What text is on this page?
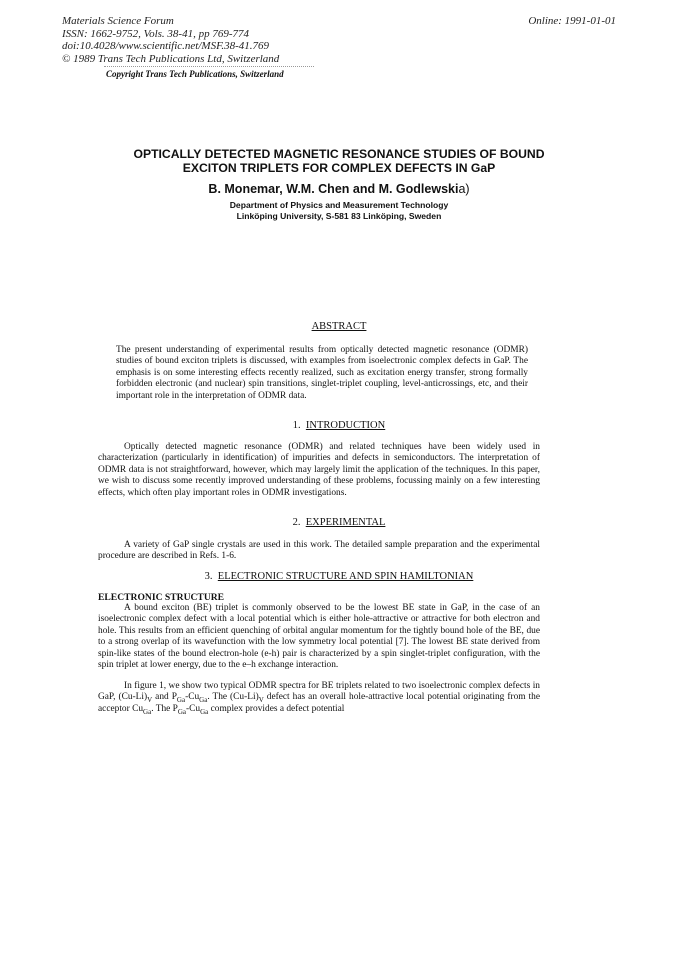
Materials Science Forum
ISSN: 1662-9752, Vols. 38-41, pp 769-774
doi:10.4028/www.scientific.net/MSF.38-41.769
© 1989 Trans Tech Publications Ltd, Switzerland
Online: 1991-01-01
Copyright Trans Tech Publications, Switzerland
OPTICALLY DETECTED MAGNETIC RESONANCE STUDIES OF BOUND
EXCITON TRIPLETS FOR COMPLEX DEFECTS IN GaP
B. Monemar, W.M. Chen and M. Godlewskia)
Department of Physics and Measurement Technology
Linköping University, S-581 83 Linköping, Sweden
ABSTRACT

The present understanding of experimental results from optically detected magnetic resonance (ODMR) studies of bound exciton triplets is discussed, with examples from isoelectronic complex defects in GaP. The emphasis is on some interesting effects recently realized, such as excitation energy transfer, strong formally forbidden electronic (and nuclear) spin transitions, singlet-triplet coupling, level-anticrossings, etc, and their important role in the interpretation of ODMR data.

1. INTRODUCTION

Optically detected magnetic resonance (ODMR) and related techniques have been widely used in characterization (particularly in identification) of impurities and defects in semiconductors. The interpretation of ODMR data is not straightforward, however, which may largely limit the application of the techniques. In this paper, we wish to discuss some recently improved understanding of these problems, focussing mainly on a few interesting effects, which often play important roles in ODMR investigations.

2. EXPERIMENTAL

A variety of GaP single crystals are used in this work. The detailed sample preparation and the experimental procedure are described in Refs. 1-6.

3. ELECTRONIC STRUCTURE AND SPIN HAMILTONIAN
ELECTRONIC STRUCTURE

A bound exciton (BE) triplet is commonly observed to be the lowest BE state in GaP, in the case of an isoelectronic complex defect with a local potential which is either hole-attractive or attractive for both electron and hole. This results from an efficient quenching of orbital angular momentum for the tightly bound hole of the BE, due to a strong overlap of its wavefunction with the low symmetry local potential [7]. The lowest BE state derived from spin-like states of the bound electron-hole (e-h) pair is characterized by a spin singlet-triplet configuration, with the spin triplet at lower energy, due to the e–h exchange interaction.

In figure 1, we show two typical ODMR spectra for BE triplets related to two isoelectronic complex defects in GaP, $(Cu-Li)_V$ and $P_{Ga}-Cu_{Ga}$. The $(Cu-Li)_V$ defect has an overall hole-attractive local potential originating from the acceptor $Cu_{Ga}$. The $P_{Ga}-Cu_{Ga}$ complex provides a defect potential
